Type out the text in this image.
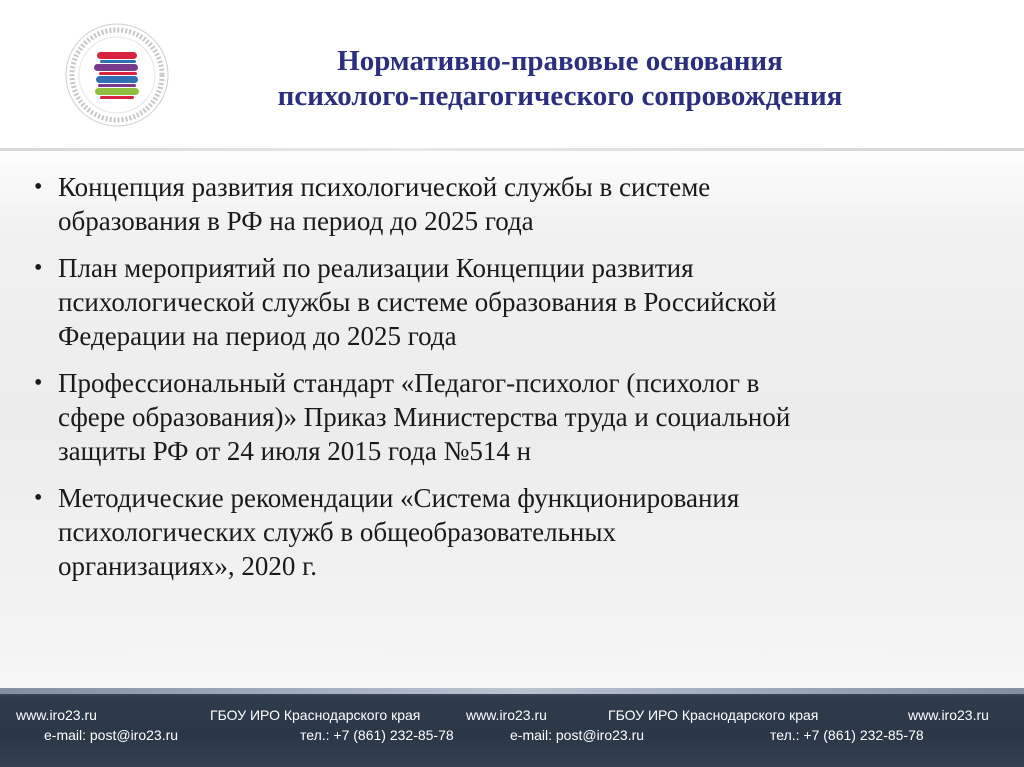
Нормативно-правовые основания
психолого-педагогического сопровождения
• Концепция развития психологической службы в системе
образования в РФ на период до 2025 года
• План мероприятий по реализации Концепции развития
психологической службы в системе образования в Российской
Федерации на период до 2025 года
• Профессиональный стандарт «Педагог-психолог (психолог в
сфере образования)» Приказ Министерства труда и социальной
защиты РФ от 24 июля 2015 года №514 н
• Методические рекомендации «Система функционирования
психологических служб в общеобразовательных
организациях», 2020 г.
www.iro23.ru
e-mail: post@iro23.ru
ГБОУ ИРО Краснодарского края
тел.: +7 (861) 232-85-78
www.iro23.ru
e-mail: post@iro23.ru
ГБОУ ИРО Краснодарского края
тел.: +7 (861) 232-85-78
www.iro23.ru
